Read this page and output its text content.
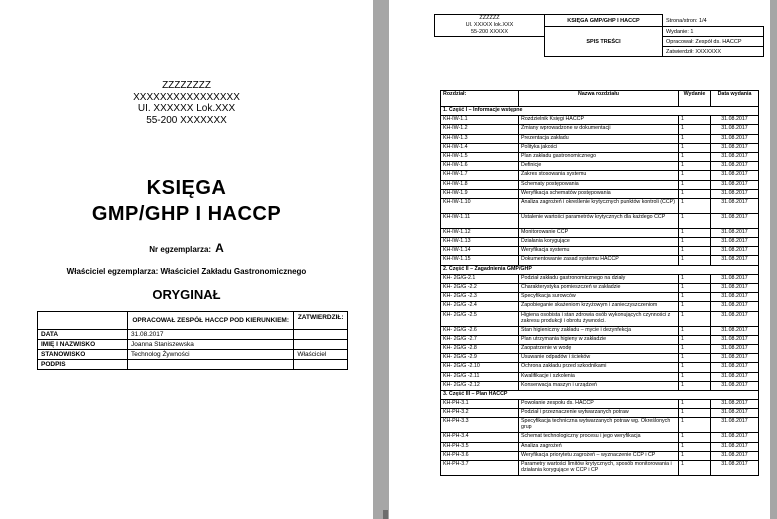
ZZZZZZZZ
XXXXXXXXXXXXXXXX
UI. XXXXXX Lok.XXX
55-200 XXXXXXX
KSIĘGA
GMP/GHP I HACCP
Nr egzemplarza: A
Właściciel egzemplarza: Właściciel Zakładu Gastronomicznego
ORYGINAŁ
	OPRACOWAŁ ZESPÓŁ HACCP POD KIERUNKIEM:	ZATWIERDZIŁ:
DATA	31.08.2017	
IMIĘ I NAZWISKO	Joanna Staniszewska	
STANOWISKO	Technolog Żywności	Właściciel
PODPIS		
ZZZZZZ
Ul. XXXXX lok.XXX
55-200 XXXXX	KSIĘGA GMP/GHP I HACCP	Strona/stron: 1/4
	SPIS TREŚCI	Wydanie: 1
		Opracował: Zespół ds. HACCP
		Zatwierdził: XXXXXXX
Rozdział:	Nazwa rozdziału	Wydanie	Data wydania
1. Część I – Informacje wstępne			
KH-IW-1.1	Rozdzielnik Księgi HACCP	1	31.08.2017
KH-IW-1.2	Zmiany wprowadzone w dokumentacji	1	31.08.2017
KH-IW-1.3	Prezentacja zakładu	1	31.08.2017
KH-IW-1.4	Polityka jakości	1	31.08.2017
KH-IW-1.5	Plan zakładu gastronomicznego	1	31.08.2017
KH-IW-1.6	Definicje	1	31.08.2017
KH-IW-1.7	Zakres stosowania systemu	1	31.08.2017
KH-IW-1.8	Schematy postępowania	1	31.08.2017
KH-IW-1.9	Weryfikacja schematów postępowania	1	31.08.2017
KH-IW-1.10	Analiza zagrożeń i określenie krytycznych punktów kontroli (CCP)	1	31.08.2017
KH-IW-1.11	Ustalenie wartości parametrów krytycznych dla każdego CCP	1	31.08.2017
KH-IW-1.12	Monitorowanie CCP	1	31.08.2017
KH-IW-1.13	Działania korygujące	1	31.08.2017
KH-IW-1.14	Weryfikacja systemu	1	31.08.2017
KH-IW-1.15	Dokumentowanie zasad systemu HACCP	1	31.08.2017
2. Część II – Zagadnienia GMP/GHP			
KH- 2G/G-2.1	Podział zakładu gastronomicznego na działy	1	31.08.2017
KH- 2G/G -2.2	Charakterystyka pomieszczeń w zakładzie	1	31.08.2017
KH- 2G/G -2.3	Specyfikacja surowców	1	31.08.2017
KH- 2G/G -2.4	Zapobieganie skażeniom krzyżowym i zanieczyszczeniom	1	31.08.2017
KH- 2G/G -2.5	Higiena osobista i stan zdrowia osób wykonujących czynności z zakresu produkcji i obrotu żywności.	1	31.08.2017
KH- 2G/G -2.6	Stan higieniczny zakładu – mycie i dezynfekcja	1	31.08.2017
KH- 2G/G -2.7	Plan utrzymania higieny w zakładzie	1	31.08.2017
KH- 2G/G -2.8	Zaopatrzenie w wodę	1	31.08.2017
KH- 2G/G -2.9	Usuwanie odpadów i ścieków	1	31.08.2017
KH- 2G/G -2.10	Ochrona zakładu przed szkodnikami	1	31.08.2017
KH- 2G/G -2.11	Kwalifikacje i szkolenia	1	31.08.2017
KH- 2G/G -2.12	Konserwacja maszyn i urządzeń	1	31.08.2017
3. Część III – Plan HACCP			
KH-PH-3.1	Powołanie zespołu ds. HACCP	1	31.08.2017
KH-PH-3.2	Podział i przeznaczenie wytwarzanych potraw	1	31.08.2017
KH-PH-3.3	Specyfikacja techniczna wytwarzanych potraw wg. Określonych grup	1	31.08.2017
KH-PH-3.4	Schemat technologiczny procesu i jego weryfikacja	1	31.08.2017
KH-PH-3.5	Analiza zagrożeń	1	31.08.2017
KH-PH-3.6	Weryfikacja priorytetu zagrożeń – wyznaczenie CCP i CP	1	31.08.2017
KH-PH-3.7	Parametry wartości limitów krytycznych, sposób monitorowania i działania korygujące w CCP i CP	1	31.08.2017
